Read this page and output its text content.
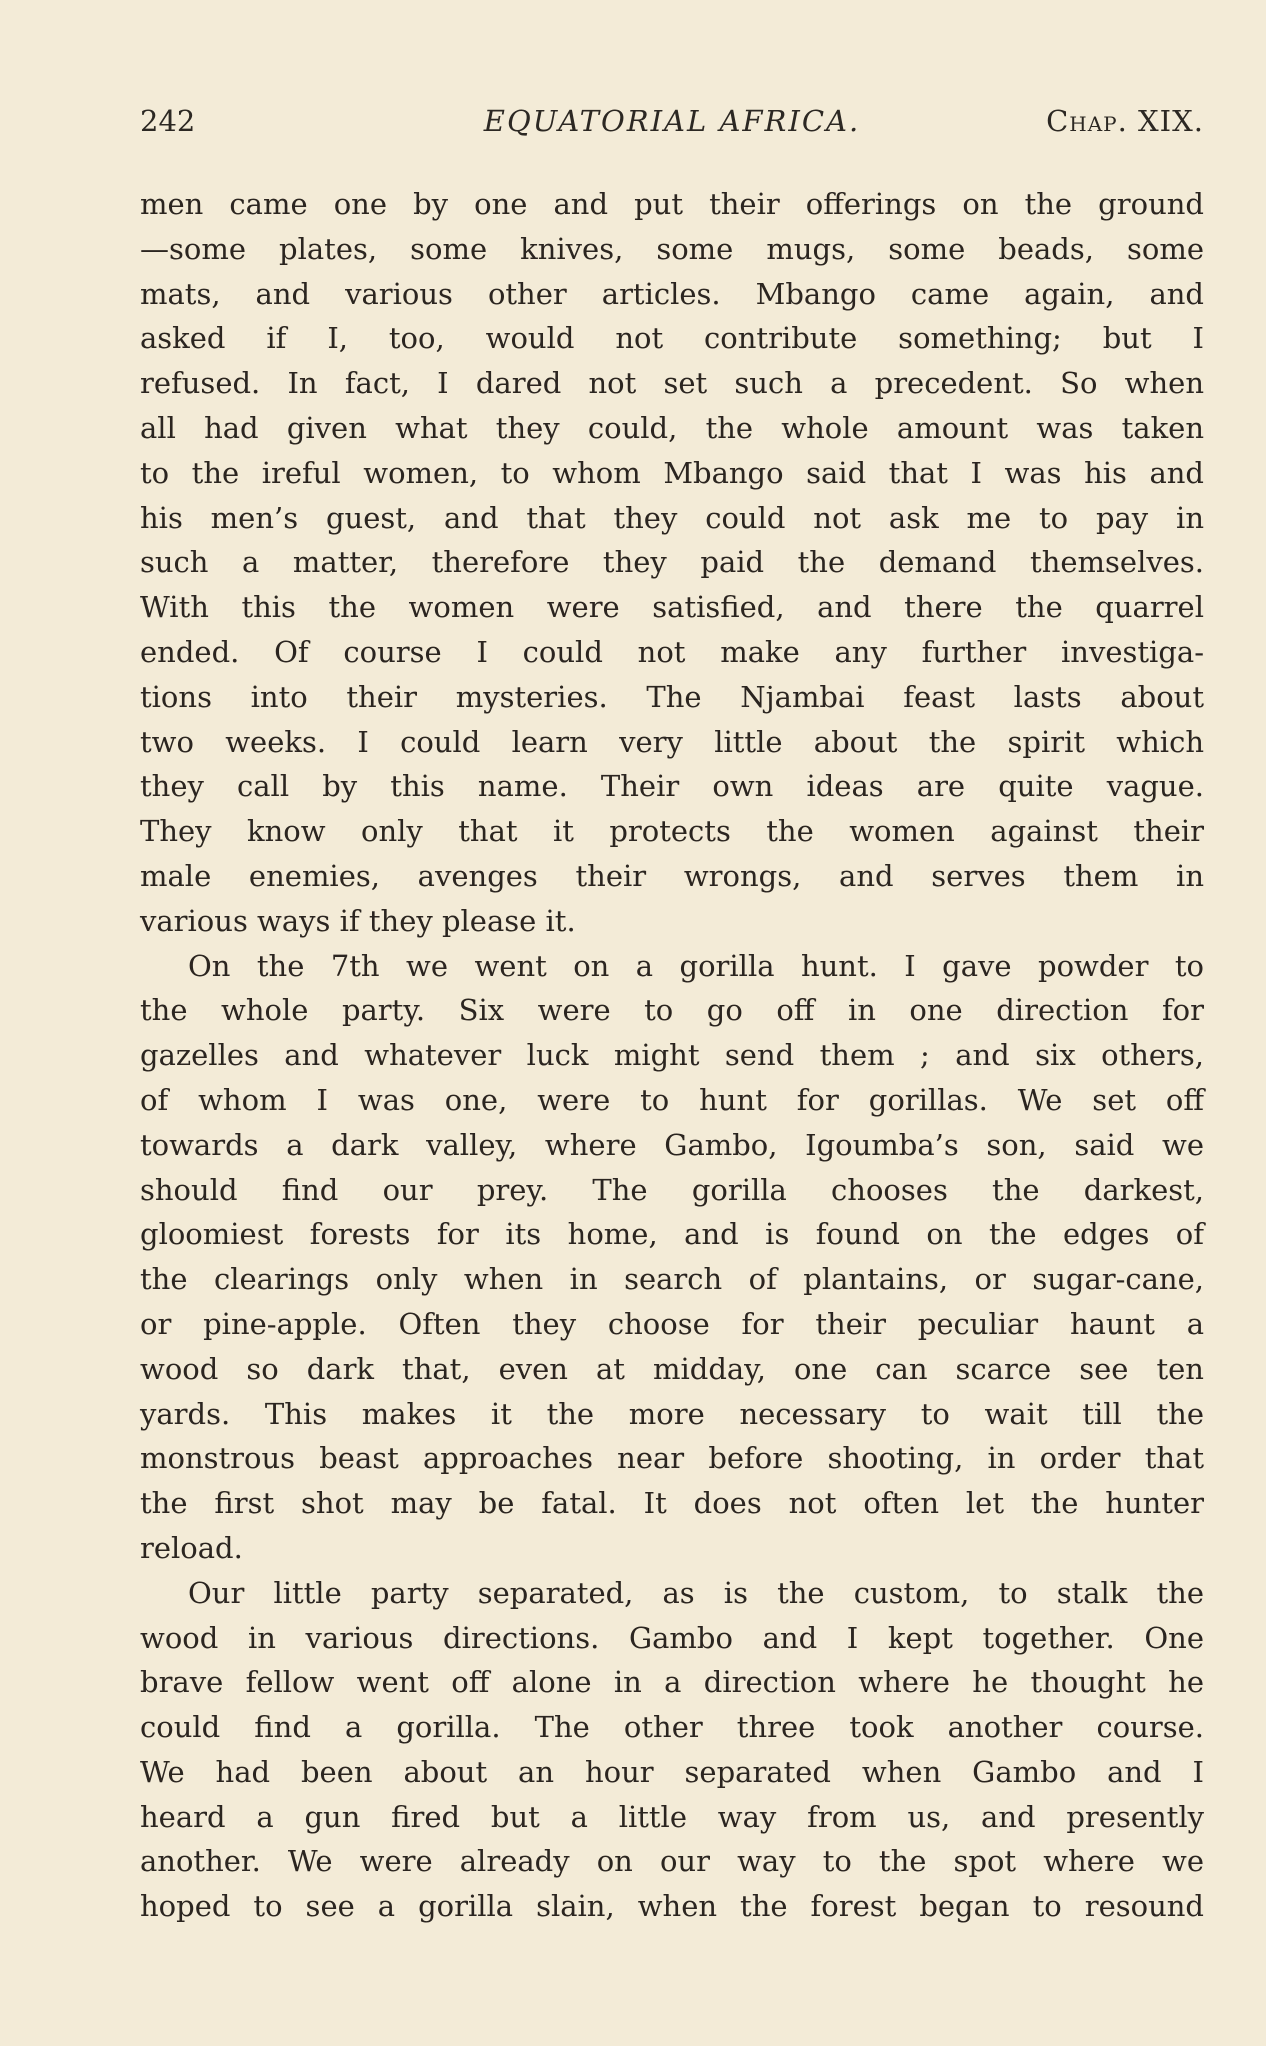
242	EQUATORIAL AFRICA.	Chap. XIX.
men came one by one and put their offerings on the ground
—some plates, some knives, some mugs, some beads, some
mats, and various other articles. Mbango came again, and
asked if I, too, would not contribute something; but I
refused. In fact, I dared not set such a precedent. So when
all had given what they could, the whole amount was taken
to the ireful women, to whom Mbango said that I was his and
his men’s guest, and that they could not ask me to pay in
such a matter, therefore they paid the demand themselves.
With this the women were satisfied, and there the quarrel
ended. Of course I could not make any further investiga-
tions into their mysteries. The Njambai feast lasts about
two weeks. I could learn very little about the spirit which
they call by this name. Their own ideas are quite vague.
They know only that it protects the women against their
male enemies, avenges their wrongs, and serves them in
various ways if they please it.
On the 7th we went on a gorilla hunt. I gave powder to
the whole party. Six were to go off in one direction for
gazelles and whatever luck might send them ; and six others,
of whom I was one, were to hunt for gorillas. We set off
towards a dark valley, where Gambo, Igoumba’s son, said we
should find our prey. The gorilla chooses the darkest,
gloomiest forests for its home, and is found on the edges of
the clearings only when in search of plantains, or sugar-cane,
or pine-apple. Often they choose for their peculiar haunt a
wood so dark that, even at midday, one can scarce see ten
yards. This makes it the more necessary to wait till the
monstrous beast approaches near before shooting, in order that
the first shot may be fatal. It does not often let the hunter
reload.
Our little party separated, as is the custom, to stalk the
wood in various directions. Gambo and I kept together. One
brave fellow went off alone in a direction where he thought he
could find a gorilla. The other three took another course.
We had been about an hour separated when Gambo and I
heard a gun fired but a little way from us, and presently
another. We were already on our way to the spot where we
hoped to see a gorilla slain, when the forest began to resound
